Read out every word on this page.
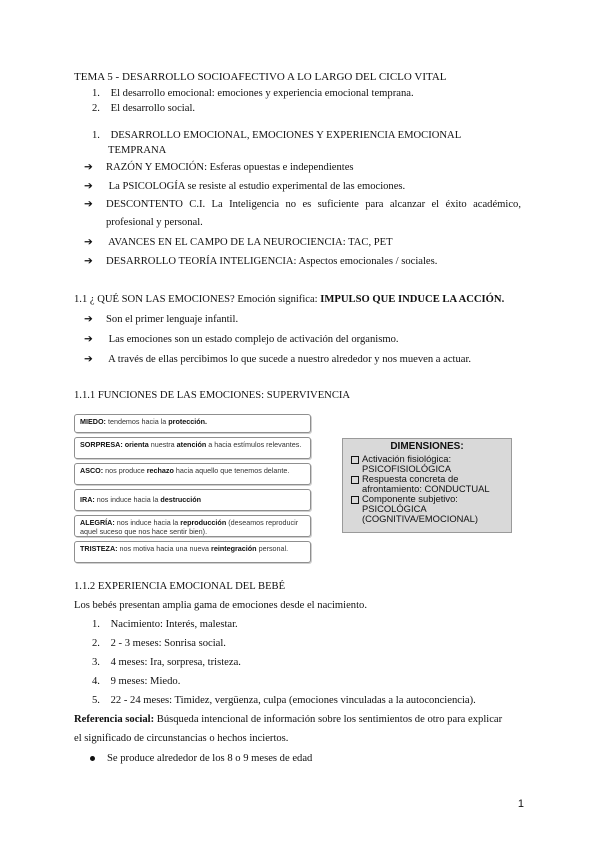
TEMA 5 - DESARROLLO SOCIOAFECTIVO A LO LARGO DEL CICLO VITAL
1. El desarrollo emocional: emociones y experiencia emocional temprana.
2. El desarrollo social.
1. DESARROLLO EMOCIONAL, EMOCIONES Y EXPERIENCIA EMOCIONAL
TEMPRANA
➔ RAZÓN Y EMOCIÓN: Esferas opuestas e independientes
➔ La PSICOLOGÍA se resiste al estudio experimental de las emociones.
➔ DESCONTENTO C.I. La Inteligencia no es suficiente para alcanzar el éxito académico,
profesional y personal.
➔ AVANCES EN EL CAMPO DE LA NEUROCIENCIA: TAC, PET
➔ DESARROLLO TEORÍA INTELIGENCIA: Aspectos emocionales / sociales.
1.1 ¿ QUÉ SON LAS EMOCIONES? Emoción significa: IMPULSO QUE INDUCE LA ACCIÓN.
➔ Son el primer lenguaje infantil.
➔ Las emociones son un estado complejo de activación del organismo.
➔ A través de ellas percibimos lo que sucede a nuestro alrededor y nos mueven a actuar.
1.1.1 FUNCIONES DE LAS EMOCIONES: SUPERVIVENCIA
MIEDO: tendemos hacia la protección.
SORPRESA: orienta nuestra atención a hacia estímulos relevantes.
ASCO: nos produce rechazo hacia aquello que tenemos delante.
IRA: nos induce hacia la destrucción
ALEGRÍA: nos induce hacia la reproducción (deseamos reproducir aquel suceso que nos hace sentir bien).
TRISTEZA: nos motiva hacia una nueva reintegración personal.
DIMENSIONES:
Activación fisiológica:
PSICOFISIOLÓGICA
Respuesta concreta de
afrontamiento: CONDUCTUAL
Componente subjetivo:
PSICOLÓGICA
(COGNITIVA/EMOCIONAL)
1.1.2 EXPERIENCIA EMOCIONAL DEL BEBÉ
Los bebés presentan amplia gama de emociones desde el nacimiento.
1. Nacimiento: Interés, malestar.
2. 2 - 3 meses: Sonrisa social.
3. 4 meses: Ira, sorpresa, tristeza.
4. 9 meses: Miedo.
5. 22 - 24 meses: Timidez, vergüenza, culpa (emociones vinculadas a la autoconciencia).
Referencia social: Búsqueda intencional de información sobre los sentimientos de otro para explicar
el significado de circunstancias o hechos inciertos.
Se produce alrededor de los 8 o 9 meses de edad
1
